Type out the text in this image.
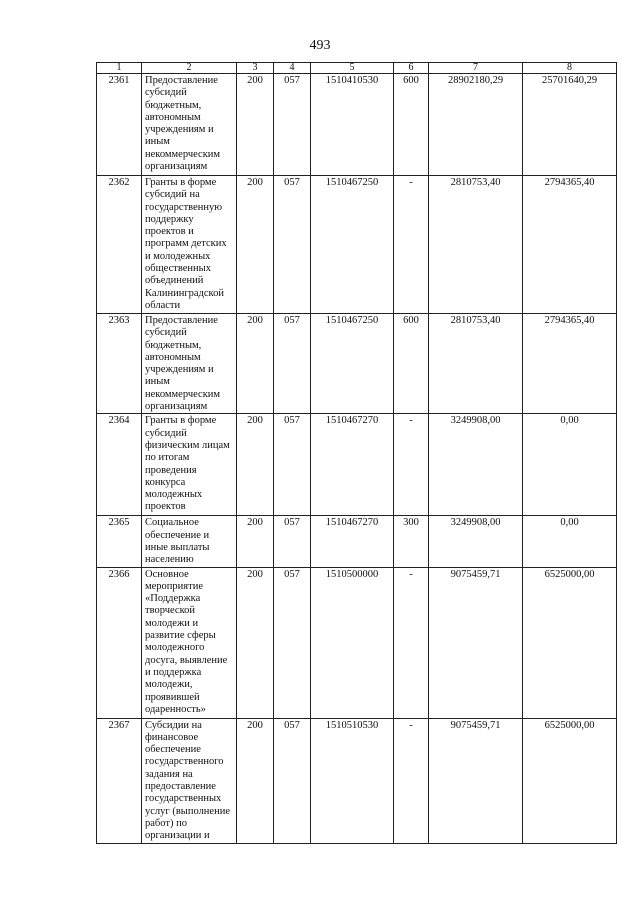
493
1	2	3	4	5	6	7	8
2361	Предоставление субсидий бюджетным, автономным учреждениям и иным некоммерческим организациям	200	057	1510410530	600	28902180,29	25701640,29
2362	Гранты в форме субсидий на государственную поддержку проектов и программ детских и молодежных общественных объединений Калининградской области	200	057	1510467250	-	2810753,40	2794365,40
2363	Предоставление субсидий бюджетным, автономным учреждениям и иным некоммерческим организациям	200	057	1510467250	600	2810753,40	2794365,40
2364	Гранты в форме субсидий физическим лицам по итогам проведения конкурса молодежных проектов	200	057	1510467270	-	3249908,00	0,00
2365	Социальное обеспечение и иные выплаты населению	200	057	1510467270	300	3249908,00	0,00
2366	Основное мероприятие «Поддержка творческой молодежи и развитие сферы молодежного досуга, выявление и поддержка молодежи, проявившей одаренность»	200	057	1510500000	-	9075459,71	6525000,00
2367	Субсидии на финансовое обеспечение государственного задания на предоставление государственных услуг (выполнение работ) по организации и	200	057	1510510530	-	9075459,71	6525000,00
